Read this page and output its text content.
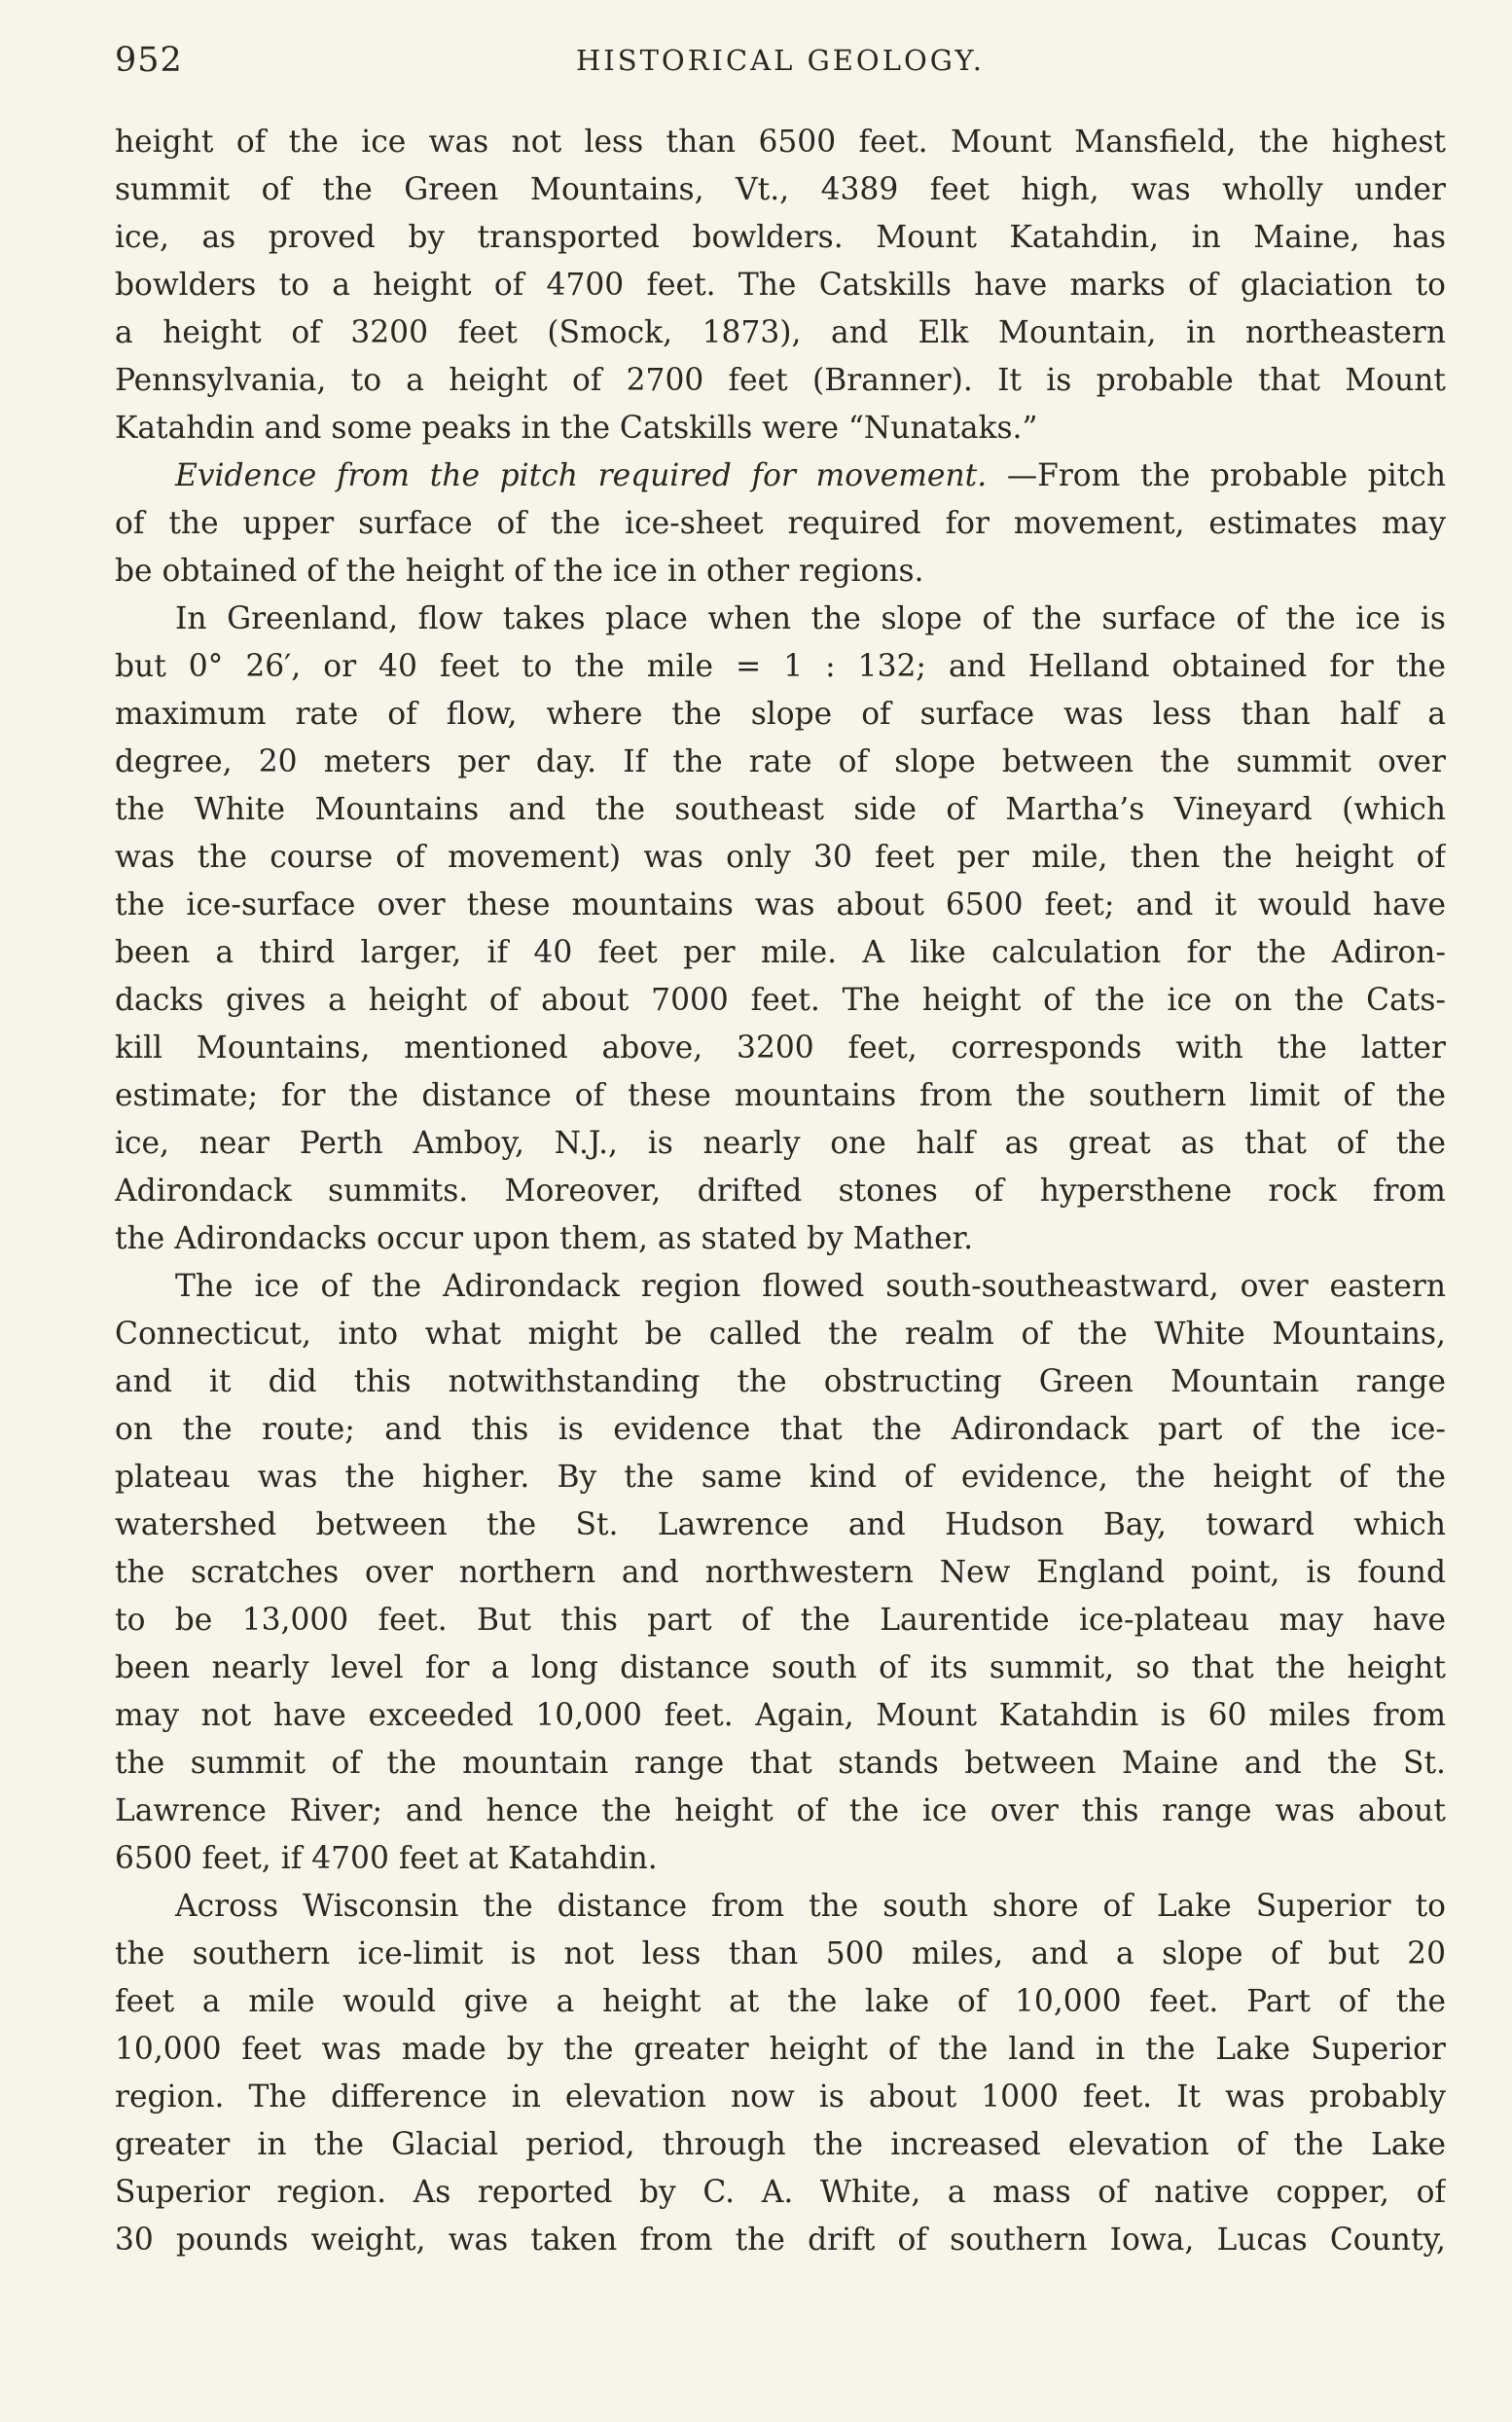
952	HISTORICAL GEOLOGY.
height of the ice was not less than 6500 feet. Mount Mansfield, the highest
summit of the Green Mountains, Vt., 4389 feet high, was wholly under
ice, as proved by transported bowlders. Mount Katahdin, in Maine, has
bowlders to a height of 4700 feet. The Catskills have marks of glaciation to
a height of 3200 feet (Smock, 1873), and Elk Mountain, in northeastern
Pennsylvania, to a height of 2700 feet (Branner). It is probable that Mount
Katahdin and some peaks in the Catskills were “Nunataks.”
Evidence from the pitch required for movement. —From the probable pitch
of the upper surface of the ice-sheet required for movement, estimates may
be obtained of the height of the ice in other regions.
In Greenland, flow takes place when the slope of the surface of the ice is
but 0° 26′, or 40 feet to the mile = 1 : 132; and Helland obtained for the
maximum rate of flow, where the slope of surface was less than half a
degree, 20 meters per day. If the rate of slope between the summit over
the White Mountains and the southeast side of Martha’s Vineyard (which
was the course of movement) was only 30 feet per mile, then the height of
the ice-surface over these mountains was about 6500 feet; and it would have
been a third larger, if 40 feet per mile. A like calculation for the Adiron-
dacks gives a height of about 7000 feet. The height of the ice on the Cats-
kill Mountains, mentioned above, 3200 feet, corresponds with the latter
estimate; for the distance of these mountains from the southern limit of the
ice, near Perth Amboy, N.J., is nearly one half as great as that of the
Adirondack summits. Moreover, drifted stones of hypersthene rock from
the Adirondacks occur upon them, as stated by Mather.
The ice of the Adirondack region flowed south-southeastward, over eastern
Connecticut, into what might be called the realm of the White Mountains,
and it did this notwithstanding the obstructing Green Mountain range
on the route; and this is evidence that the Adirondack part of the ice-
plateau was the higher. By the same kind of evidence, the height of the
watershed between the St. Lawrence and Hudson Bay, toward which
the scratches over northern and northwestern New England point, is found
to be 13,000 feet. But this part of the Laurentide ice-plateau may have
been nearly level for a long distance south of its summit, so that the height
may not have exceeded 10,000 feet. Again, Mount Katahdin is 60 miles from
the summit of the mountain range that stands between Maine and the St.
Lawrence River; and hence the height of the ice over this range was about
6500 feet, if 4700 feet at Katahdin.
Across Wisconsin the distance from the south shore of Lake Superior to
the southern ice-limit is not less than 500 miles, and a slope of but 20
feet a mile would give a height at the lake of 10,000 feet. Part of the
10,000 feet was made by the greater height of the land in the Lake Superior
region. The difference in elevation now is about 1000 feet. It was probably
greater in the Glacial period, through the increased elevation of the Lake
Superior region. As reported by C. A. White, a mass of native copper, of
30 pounds weight, was taken from the drift of southern Iowa, Lucas County,
